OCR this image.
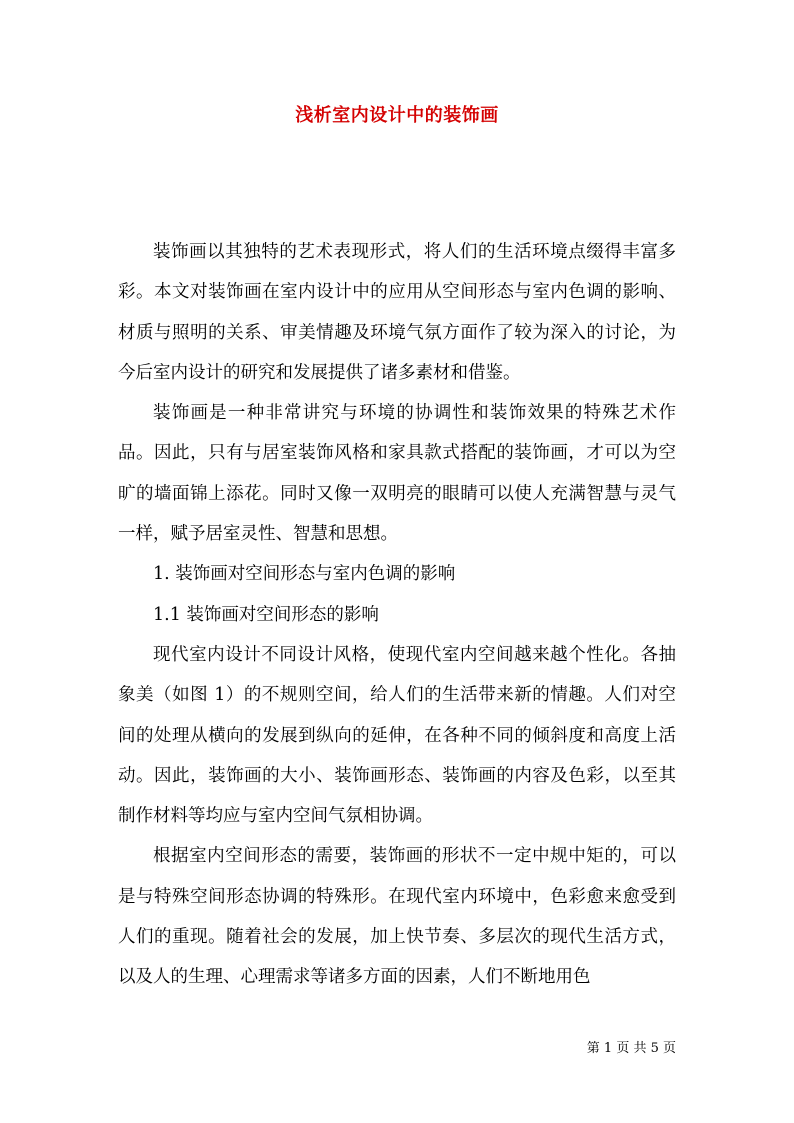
浅析室内设计中的装饰画

装饰画以其独特的艺术表现形式，将人们的生活环境点缀得丰富多彩。本文对装饰画在室内设计中的应用从空间形态与室内色调的影响、材质与照明的关系、审美情趣及环境气氛方面作了较为深入的讨论，为今后室内设计的研究和发展提供了诸多素材和借鉴。

装饰画是一种非常讲究与环境的协调性和装饰效果的特殊艺术作品。因此，只有与居室装饰风格和家具款式搭配的装饰画，才可以为空旷的墙面锦上添花。同时又像一双明亮的眼睛可以使人充满智慧与灵气一样，赋予居室灵性、智慧和思想。

1. 装饰画对空间形态与室内色调的影响

1.1 装饰画对空间形态的影响

现代室内设计不同设计风格，使现代室内空间越来越个性化。各抽象美（如图 1）的不规则空间，给人们的生活带来新的情趣。人们对空间的处理从横向的发展到纵向的延伸，在各种不同的倾斜度和高度上活动。因此，装饰画的大小、装饰画形态、装饰画的内容及色彩，以至其制作材料等均应与室内空间气氛相协调。

根据室内空间形态的需要，装饰画的形状不一定中规中矩的，可以是与特殊空间形态协调的特殊形。在现代室内环境中，色彩愈来愈受到人们的重现。随着社会的发展，加上快节奏、多层次的现代生活方式，以及人的生理、心理需求等诸多方面的因素，人们不断地用色

第 1 页 共 5 页
